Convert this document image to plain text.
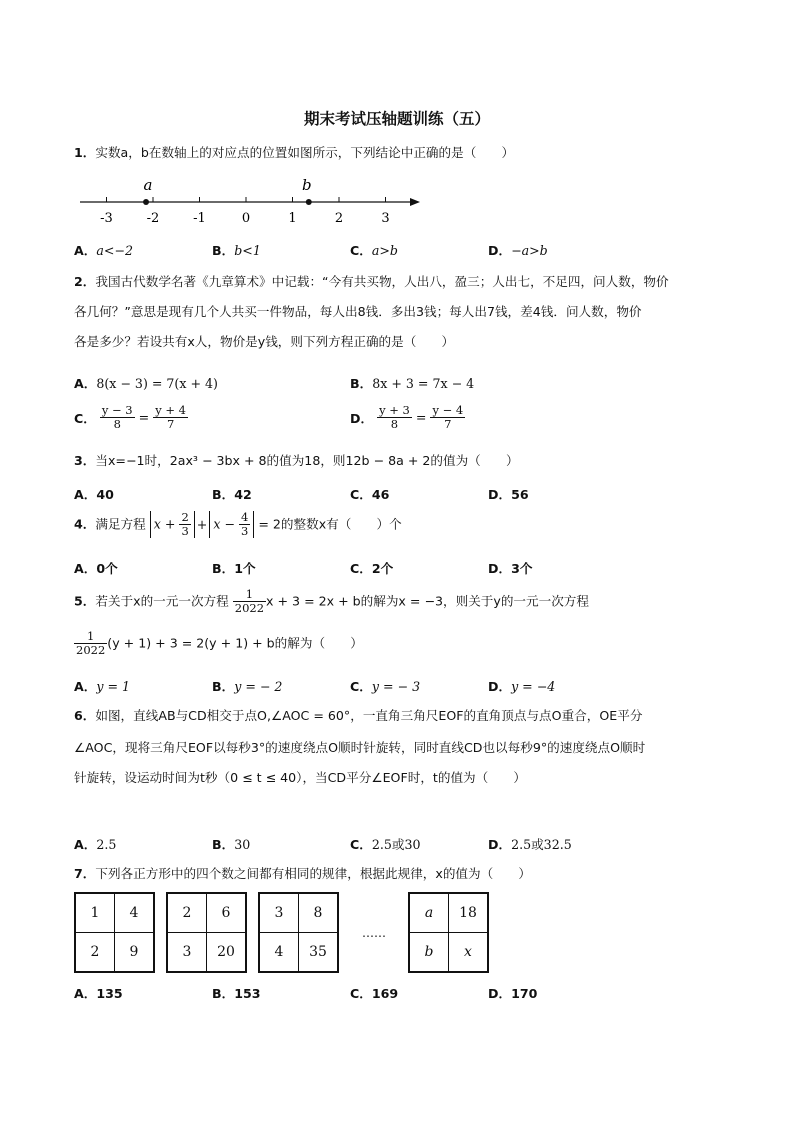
期末考试压轴题训练（五）
1．实数a，b在数轴上的对应点的位置如图所示，下列结论中正确的是（　　）
-3	-2	-1	0	1	2	3
a	b
A．a<−2	B．b<1	C．a>b	D．−a>b
2．我国古代数学名著《九章算术》中记载：“今有共买物，人出八，盈三；人出七，不足四，问人数，物价
各几何？”意思是现有几个人共买一件物品，每人出8钱．多出3钱；每人出7钱，差4钱．问人数，物价
各是多少？若设共有x人，物价是y钱，则下列方程正确的是（　　）
A．8(x − 3) = 7(x + 4)	B．8x + 3 = 7x − 4
C． $\frac{y - 3}{8} = \frac{y + 4}{7}$	D． $\frac{y + 3}{8} = \frac{y - 4}{7}$
3．当x=−1时，2ax³ − 3bx + 8的值为18，则12b − 8a + 2的值为（　　）
A．40	B．42	C．46	D．56
4．满足方程 $x + \frac{2}{3} + x - \frac{4}{3} = 2$的整数x有（　　）个
A．0个	B．1个	C．2个	D．3个
5．若关于x的一元一次方程 $\frac{1}{2022}$ x + 3 = 2x + b的解为x = −3，则关于y的一元一次方程
$\frac{1}{2022} (y + 1) + 3 = 2(y + 1) + b$的解为（　　）
A．y = 1	B．y = − 2	C．y = − 3	D．y = −4
6．如图，直线AB与CD相交于点O,∠AOC = 60°，一直角三角尺EOF的直角顶点与点O重合，OE平分
∠AOC，现将三角尺EOF以每秒3°的速度绕点O顺时针旋转，同时直线CD也以每秒9°的速度绕点O顺时
针旋转，设运动时间为t秒（0 ≤ t ≤ 40），当CD平分∠EOF时，t的值为（　　）
A．2.5	B．30	C．2.5或30	D．2.5或32.5
7．下列各正方形中的四个数之间都有相同的规律，根据此规律，x的值为（　　）
1	4
2	9
2	6
3	20
3	8
4	35
……
a	18
b	x
A．135	B．153	C．169	D．170
